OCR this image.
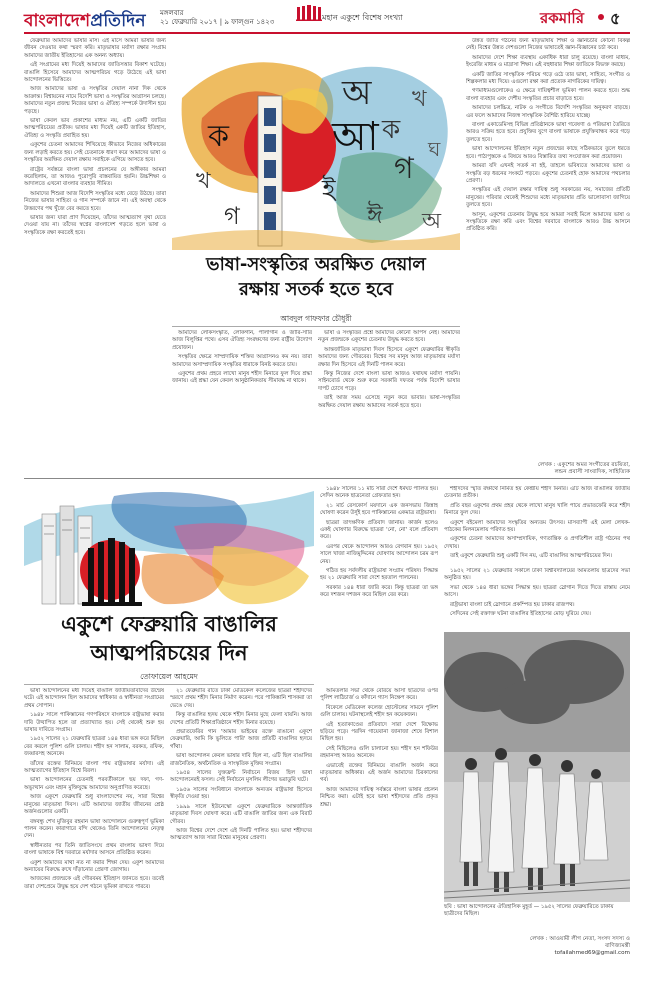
বাংলাদেশপ্রতিদিন মঙ্গলবার
২১ ফেব্রুয়ারি ২০১৭ | ৯ ফাল্গুন ১৪২৩	মহান একুশে বিশেষ সংখ্যা	রকমারি ৫

ফেব্রুয়ারি আমাদের ভাষার মাস। এই মাসে আমরা ভাষার জন্য জীবন দেওয়ার কথা স্মরণ করি। মাতৃভাষার মর্যাদা রক্ষার সংগ্রাম আমাদের জাতীয় ইতিহাসের এক অনন্য অধ্যায়।

এই সংগ্রামের মধ্য দিয়েই আমাদের জাতিসত্তার বিকাশ ঘটেছে। বাঙালি হিসেবে আমাদের আত্মপরিচয় গড়ে উঠেছে এই ভাষা আন্দোলনের ভিত্তিতে।

আজ আমাদের ভাষা ও সংস্কৃতির দেয়াল নানা দিক থেকে আক্রান্ত। বিশ্বায়নের নামে বিদেশি ভাষা ও সংস্কৃতির আগ্রাসন চলছে। আমাদের নতুন প্রজন্ম নিজের ভাষা ও ঐতিহ্য সম্পর্কে উদাসীন হয়ে পড়ছে।

ভাষা কেবল ভাব প্রকাশের মাধ্যম নয়, এটি একটি জাতির আত্মপরিচয়ের প্রতীক। ভাষার মধ্য দিয়েই একটি জাতির ইতিহাস, ঐতিহ্য ও সংস্কৃতি প্রবাহিত হয়।

একুশের চেতনা আমাদের শিখিয়েছে কীভাবে নিজের অধিকারের জন্য লড়াই করতে হয়। সেই চেতনাকে ধারণ করে আমাদের ভাষা ও সংস্কৃতির অরক্ষিত দেয়াল রক্ষায় সবাইকে এগিয়ে আসতে হবে।

রাষ্ট্রের সর্বস্তরে বাংলা ভাষা প্রচলনের যে অঙ্গীকার আমরা করেছিলাম, তা আজও পুরোপুরি বাস্তবায়িত হয়নি। উচ্চশিক্ষা ও আদালতে এখনো বাংলার ব্যবহার সীমিত।

আমাদের শিশুরা আজ বিদেশি সংস্কৃতির মধ্যে বেড়ে উঠছে। তারা নিজের ভাষার সাহিত্য ও গান সম্পর্কে জানে না। এই অবস্থা থেকে উত্তরণের পথ খুঁজে বের করতে হবে।

ভাষার জন্য যারা প্রাণ দিয়েছেন, তাঁদের আত্মত্যাগ বৃথা যেতে দেওয়া যায় না। তাঁদের স্বপ্নের বাংলাদেশ গড়তে হলে ভাষা ও সংস্কৃতিকে রক্ষা করতেই হবে।

অ
আ ক
খ
গ
ঘ
ই
ঈ
ক
খ
গ	অ
ভাষা-সংস্কৃতির অরক্ষিত দেয়াল
রক্ষায় সতর্ক হতে হবে
আবদুল গাফফার চৌধুরী

আমাদের লোকসংস্কৃতি, লোকগান, পালাগান ও জারি-সারি আজ বিলুপ্তির পথে। এসব ঐতিহ্য সংরক্ষণের জন্য রাষ্ট্রীয় উদ্যোগ প্রয়োজন।

সংস্কৃতির ক্ষেত্রে সাম্প্রদায়িক শক্তির আগ্রাসনও কম নয়। তারা আমাদের অসাম্প্রদায়িক সংস্কৃতির ধারাকে বিনষ্ট করতে চায়।

একুশের প্রথম প্রহরে লাখো মানুষ শহীদ মিনারে ফুল দিয়ে শ্রদ্ধা জানায়। এই শ্রদ্ধা যেন কেবল আনুষ্ঠানিকতায় সীমাবদ্ধ না থাকে।

ভাষা ও সংস্কৃতির প্রশ্নে আমাদের কোনো আপস নেই। আমাদের নতুন প্রজন্মকে একুশের চেতনায় উদ্বুদ্ধ করতে হবে।

আন্তর্জাতিক মাতৃভাষা দিবস হিসেবে একুশে ফেব্রুয়ারির স্বীকৃতি আমাদের জন্য গৌরবের। বিশ্বের সব মানুষ আজ মাতৃভাষার মর্যাদা রক্ষার দিন হিসেবে এই দিনটি পালন করে।

কিন্তু নিজের দেশে বাংলা ভাষা আজও যথাযথ মর্যাদা পায়নি। সাইনবোর্ড থেকে শুরু করে সরকারি দফতর পর্যন্ত বিদেশি ভাষার দাপট চোখে পড়ে।

তাই আজ সময় এসেছে নতুন করে ভাবার। ভাষা-সংস্কৃতির অরক্ষিত দেয়াল রক্ষায় আমাদের সতর্ক হতে হবে।

উন্নত জাতি গঠনের জন্য মাতৃভাষায় শিক্ষা ও জ্ঞানচর্চার কোনো বিকল্প নেই। বিশ্বের উন্নত দেশগুলো নিজের ভাষাতেই জ্ঞান-বিজ্ঞানের চর্চা করে।

আমাদের দেশে শিক্ষা ব্যবস্থায় একাধিক ধারা চালু রয়েছে। বাংলা মাধ্যম, ইংরেজি মাধ্যম ও মাদ্রাসা শিক্ষা। এই বহুধারার শিক্ষা জাতিকে বিভক্ত করছে।

একটি জাতির সাংস্কৃতিক পরিচয় গড়ে ওঠে তার ভাষা, সাহিত্য, সংগীত ও শিল্পকলার মধ্য দিয়ে। এগুলো রক্ষা করা প্রত্যেক নাগরিকের দায়িত্ব।

গণমাধ্যমগুলোকেও এ ক্ষেত্রে দায়িত্বশীল ভূমিকা পালন করতে হবে। শুদ্ধ বাংলা ব্যবহার এবং দেশীয় সংস্কৃতির প্রচার বাড়াতে হবে।

আমাদের চলচ্চিত্র, নাটক ও সংগীতে বিদেশি সংস্কৃতির অনুকরণ বাড়ছে। এর ফলে আমাদের নিজস্ব সাংস্কৃতিক বৈশিষ্ট্য হারিয়ে যাচ্ছে।

বাংলা একাডেমিসহ বিভিন্ন প্রতিষ্ঠানকে ভাষা গবেষণা ও পরিভাষা তৈরিতে আরও সক্রিয় হতে হবে। প্রযুক্তির যুগে বাংলা ভাষাকে প্রযুক্তিবান্ধব করে গড়ে তুলতে হবে।

ভাষা আন্দোলনের ইতিহাস নতুন প্রজন্মের কাছে সঠিকভাবে তুলে ধরতে হবে। পাঠ্যপুস্তকে এ বিষয়ে আরও বিস্তারিত তথ্য সংযোজন করা প্রয়োজন।

আমরা যদি এখনই সতর্ক না হই, তাহলে ভবিষ্যতে আমাদের ভাষা ও সংস্কৃতি বড় ধরনের সংকটে পড়বে। একুশের চেতনাই হোক আমাদের পথচলার প্রেরণা।

সংস্কৃতির এই দেয়াল রক্ষার দায়িত্ব শুধু সরকারের নয়, সমাজের প্রতিটি মানুষের। পরিবার থেকেই শিশুদের মধ্যে মাতৃভাষার প্রতি ভালোবাসা জাগিয়ে তুলতে হবে।

আসুন, একুশের চেতনায় উদ্বুদ্ধ হয়ে আমরা সবাই মিলে আমাদের ভাষা ও সংস্কৃতিকে রক্ষা করি এবং বিশ্বের দরবারে বাংলাকে আরও উচ্চ আসনে প্রতিষ্ঠিত করি।

লেখক : একুশের অমর সংগীতের রচয়িতা,
লন্ডন প্রবাসী সাংবাদিক, সাহিত্যিক
একুশে ফেব্রুয়ারি বাঙালির
আত্মপরিচয়ের দিন
তোফায়েল আহমেদ

ভাষা আন্দোলনের মধ্য দিয়েই বাঙালি জাতীয়তাবাদের উন্মেষ ঘটে। এই আন্দোলন ছিল আমাদের স্বাধিকার ও স্বাধীনতা সংগ্রামের প্রথম সোপান।

১৯৪৮ সালে পাকিস্তানের গণপরিষদে বাংলাকে রাষ্ট্রভাষা করার দাবি উত্থাপিত হলে তা প্রত্যাখ্যাত হয়। সেই থেকেই শুরু হয় ভাষার দাবিতে সংগ্রাম।

১৯৫২ সালের ২১ ফেব্রুয়ারি ছাত্ররা ১৪৪ ধারা ভঙ্গ করে মিছিল বের করলে পুলিশ গুলি চালায়। শহীদ হন সালাম, বরকত, রফিক, জব্বারসহ অনেকে।

তাঁদের রক্তের বিনিময়ে বাংলা পায় রাষ্ট্রভাষার মর্যাদা। এই আত্মত্যাগের ইতিহাস বিশ্বে বিরল।

ভাষা আন্দোলনের চেতনাই পরবর্তীকালে ছয় দফা, গণ-অভ্যুত্থান এবং মহান মুক্তিযুদ্ধে আমাদের অনুপ্রাণিত করেছে।

আজ একুশে ফেব্রুয়ারি শুধু বাংলাদেশের নয়, সারা বিশ্বের মানুষের মাতৃভাষা দিবস। এটি আমাদের জাতীয় জীবনের শ্রেষ্ঠ অর্জনগুলোর একটি।

বঙ্গবন্ধু শেখ মুজিবুর রহমান ভাষা আন্দোলনে গুরুত্বপূর্ণ ভূমিকা পালন করেন। কারাগারে বন্দি থেকেও তিনি আন্দোলনের নেতৃত্ব দেন।

স্বাধীনতার পর তিনি জাতিসংঘে প্রথম বাংলায় ভাষণ দিয়ে বাংলা ভাষাকে বিশ্ব দরবারে মর্যাদার আসনে প্রতিষ্ঠিত করেন।

একুশ আমাদের মাথা নত না করার শিক্ষা দেয়। একুশ আমাদের অন্যায়ের বিরুদ্ধে রুখে দাঁড়ানোর প্রেরণা জোগায়।

আজকের প্রজন্মকে এই গৌরবময় ইতিহাস জানতে হবে। তবেই তারা দেশপ্রেমে উদ্বুদ্ধ হয়ে দেশ গঠনে ভূমিকা রাখতে পারবে।

২১ ফেব্রুয়ারি রাতে ঢাকা মেডিকেল কলেজের ছাত্ররা শহীদদের স্মরণে প্রথম শহীদ মিনার নির্মাণ করেন। পরে পাকিস্তানি শাসকরা তা ভেঙে দেয়।

কিন্তু বাঙালির হৃদয় থেকে শহীদ মিনার মুছে ফেলা যায়নি। আজ দেশের প্রতিটি শিক্ষাপ্রতিষ্ঠানে শহীদ মিনার রয়েছে।

প্রভাতফেরির গান 'আমার ভাইয়ের রক্তে রাঙানো একুশে ফেব্রুয়ারি, আমি কি ভুলিতে পারি' আজ প্রতিটি বাঙালির হৃদয়ে গাঁথা।

ভাষা আন্দোলন কেবল ভাষার দাবি ছিল না, এটি ছিল বাঙালির রাজনৈতিক, অর্থনৈতিক ও সাংস্কৃতিক মুক্তির সংগ্রাম।

১৯৫৪ সালের যুক্তফ্রন্ট নির্বাচনে বিজয় ছিল ভাষা আন্দোলনেরই ফসল। সেই নির্বাচনে মুসলিম লীগের ভরাডুবি ঘটে।

১৯৫৬ সালের সংবিধানে বাংলাকে অন্যতম রাষ্ট্রভাষা হিসেবে স্বীকৃতি দেওয়া হয়।

১৯৯৯ সালে ইউনেস্কো একুশে ফেব্রুয়ারিকে আন্তর্জাতিক মাতৃভাষা দিবস ঘোষণা করে। এটি বাঙালি জাতির জন্য এক বিরাট গৌরব।

আজ বিশ্বের দেশে দেশে এই দিনটি পালিত হয়। ভাষা শহীদদের আত্মত্যাগ আজ সারা বিশ্বের মানুষের প্রেরণা।

১৯৪৮ সালের ১১ মার্চ সারা দেশে ধর্মঘট পালিত হয়। সেদিন অনেক ছাত্রনেতা গ্রেফতার হন।

২১ মার্চ রেসকোর্স ময়দানে এক জনসভায় জিন্নাহ ঘোষণা করেন উর্দুই হবে পাকিস্তানের একমাত্র রাষ্ট্রভাষা।

ছাত্ররা তাৎক্ষণিক প্রতিবাদ জানায়। কার্জন হলেও একই ঘোষণার বিরুদ্ধে ছাত্ররা 'নো, নো' বলে প্রতিবাদ করে।

এরপর থেকে আন্দোলন আরও বেগবান হয়। ১৯৫২ সালে খাজা নাজিমুদ্দিনের ঘোষণায় আন্দোলন চরম রূপ নেয়।

গঠিত হয় সর্বদলীয় রাষ্ট্রভাষা সংগ্রাম পরিষদ। সিদ্ধান্ত হয় ২১ ফেব্রুয়ারি সারা দেশে হরতাল পালনের।

সরকার ১৪৪ ধারা জারি করে। কিন্তু ছাত্ররা তা ভঙ্গ করে দশজন দশজন করে মিছিল বের করে।

আমতলার সভা থেকে বেরিয়ে আসা ছাত্রদের ওপর পুলিশ লাঠিচার্জ ও কাঁদানে গ্যাস নিক্ষেপ করে।

বিকেলে মেডিকেল কলেজ হোস্টেলের সামনে পুলিশ গুলি চালায়। ঘটনাস্থলেই শহীদ হন কয়েকজন।

এই হত্যাকাণ্ডের প্রতিবাদে সারা দেশে বিক্ষোভ ছড়িয়ে পড়ে। পরদিন গায়েবানা জানাজা শেষে বিশাল মিছিল হয়।

সেই মিছিলেও গুলি চালানো হয়। শহীদ হন শফিউর রহমানসহ আরও অনেকে।

এভাবেই রক্তের বিনিময়ে বাঙালি অর্জন করে মাতৃভাষার অধিকার। এই অর্জন আমাদের চিরকালের গর্ব।

আজ আমাদের দায়িত্ব সর্বস্তরে বাংলা ভাষার প্রচলন নিশ্চিত করা। এটাই হবে ভাষা শহীদদের প্রতি প্রকৃত শ্রদ্ধা।

শহীদদের স্মৃতি রক্ষার্থে নির্মিত হয় কেন্দ্রীয় শহীদ মিনার। এটি আজ বাঙালির জাতীয় চেতনার প্রতীক।

প্রতি বছর একুশের প্রথম প্রহর থেকে লাখো মানুষ খালি পায়ে প্রভাতফেরি করে শহীদ মিনারে ফুল দেয়।

একুশে বইমেলা আমাদের সংস্কৃতির অন্যতম উৎসব। মাসব্যাপী এই মেলা লেখক-পাঠকের মিলনমেলায় পরিণত হয়।

একুশের চেতনা আমাদের অসাম্প্রদায়িক, গণতান্ত্রিক ও প্রগতিশীল রাষ্ট্র গঠনের পথ দেখায়।

তাই একুশে ফেব্রুয়ারি শুধু একটি দিন নয়, এটি বাঙালির আত্মপরিচয়ের দিন।

১৯৫২ সালের ২১ ফেব্রুয়ারি সকালে ঢাকা বিশ্ববিদ্যালয়ের আমতলায় ছাত্রদের সভা অনুষ্ঠিত হয়।

সভা থেকে ১৪৪ ধারা ভঙ্গের সিদ্ধান্ত হয়। ছাত্ররা স্লোগান দিতে দিতে রাস্তায় নেমে আসে।

রাষ্ট্রভাষা বাংলা চাই স্লোগানে প্রকম্পিত হয় ঢাকার রাজপথ।

সেদিনের সেই রক্তাক্ত ঘটনা বাঙালির ইতিহাসের মোড় ঘুরিয়ে দেয়।

ছবি : ভাষা আন্দোলনের ঐতিহাসিক মুহূর্ত — ১৯৫২ সালের ফেব্রুয়ারিতে ঢাকায় ছাত্রীদের মিছিল।

লেখক : আওয়ামী লীগ নেতা, সংসদ সদস্য ও
বাণিজ্যমন্ত্রী
tofailahmed69@gmail.com
